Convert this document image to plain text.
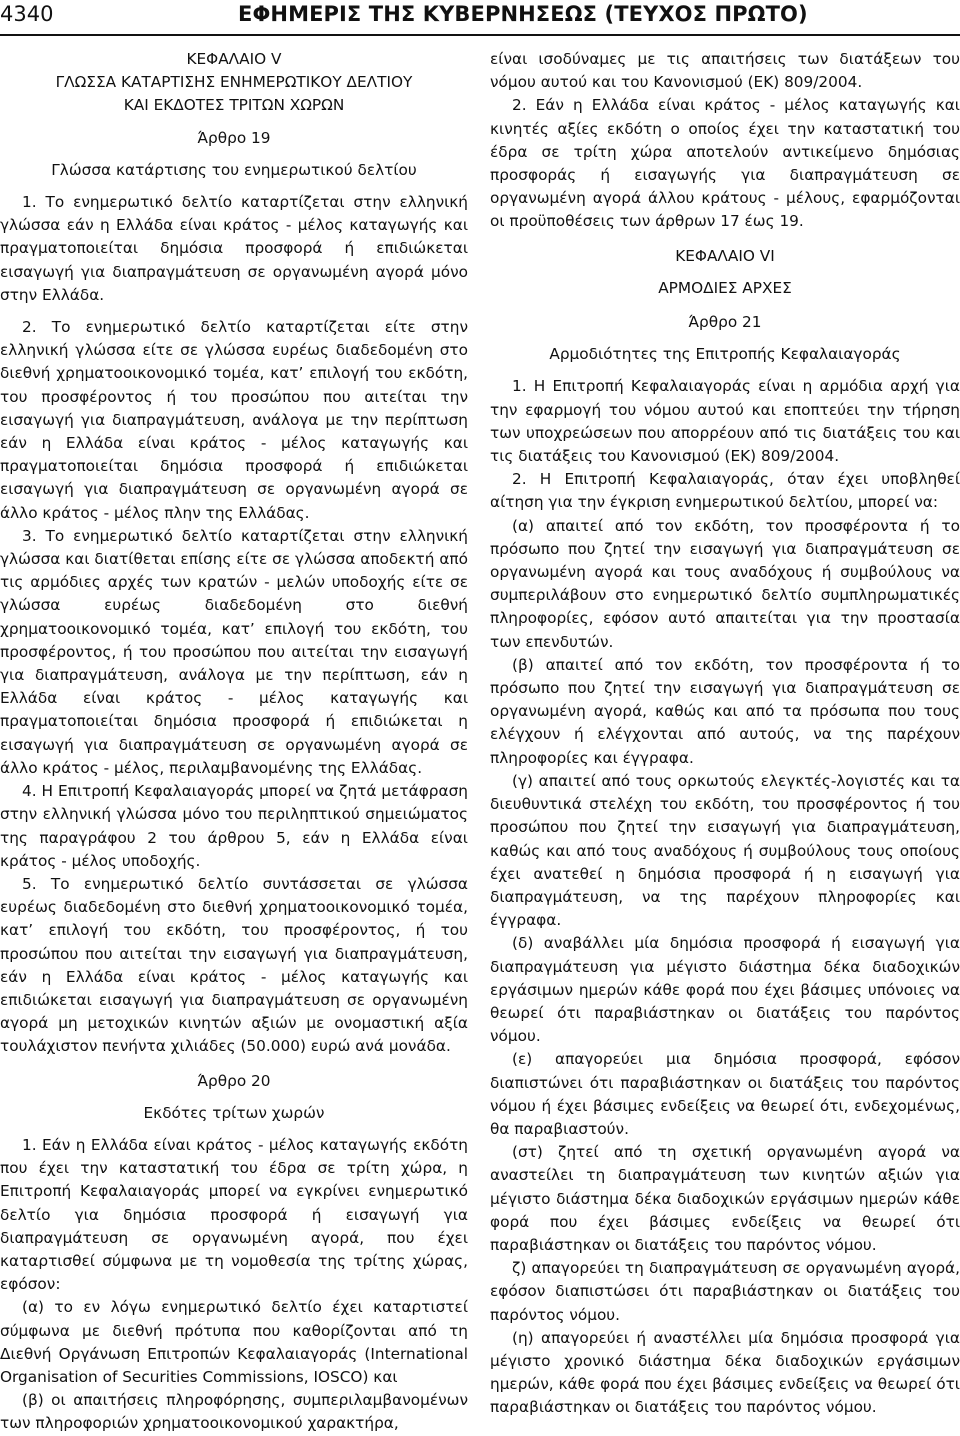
4340	ΕΦΗΜΕΡΙΣ ΤΗΣ ΚΥΒΕΡΝΗΣΕΩΣ (ΤΕΥΧΟΣ ΠΡΩΤΟ)

ΚΕΦΑΛΑΙΟ V

ΓΛΩΣΣΑ ΚΑΤΑΡΤΙΣΗΣ ΕΝΗΜΕΡΩΤΙΚΟΥ ΔΕΛΤΙΟΥ

ΚΑΙ ΕΚΔΟΤΕΣ ΤΡΙΤΩΝ ΧΩΡΩΝ

Άρθρο 19

Γλώσσα κατάρτισης του ενημερωτικού δελτίου

1. Το ενημερωτικό δελτίο καταρτίζεται στην ελληνική γλώσσα εάν η Ελλάδα είναι κράτος - μέλος καταγωγής και πραγματοποιείται δημόσια προσφορά ή επιδιώκεται εισαγωγή για διαπραγμάτευση σε οργανωμένη αγορά μόνο στην Ελλάδα.

2. Το ενημερωτικό δελτίο καταρτίζεται είτε στην ελληνική γλώσσα είτε σε γλώσσα ευρέως διαδεδομένη στο διεθνή χρηματοοικονομικό τομέα, κατ’ επιλογή του εκδότη, του προσφέροντος ή του προσώπου που αιτείται την εισαγωγή για διαπραγμάτευση, ανάλογα με την περίπτωση εάν η Ελλάδα είναι κράτος - μέλος καταγωγής και πραγματοποιείται δημόσια προσφορά ή επιδιώκεται εισαγωγή για διαπραγμάτευση σε οργανωμένη αγορά σε άλλο κράτος - μέλος πλην της Ελλάδας.

3. Το ενημερωτικό δελτίο καταρτίζεται στην ελληνική γλώσσα και διατίθεται επίσης είτε σε γλώσσα αποδεκτή από τις αρμόδιες αρχές των κρατών - μελών υποδοχής είτε σε γλώσσα ευρέως διαδεδομένη στο διεθνή χρηματοοικονομικό τομέα, κατ’ επιλογή του εκδότη, του προσφέροντος, ή του προσώπου που αιτείται την εισαγωγή για διαπραγμάτευση, ανάλογα με την περίπτωση, εάν η Ελλάδα είναι κράτος - μέλος καταγωγής και πραγματοποιείται δημόσια προσφορά ή επιδιώκεται η εισαγωγή για διαπραγμάτευση σε οργανωμένη αγορά σε άλλο κράτος - μέλος, περιλαμβανομένης της Ελλάδας.

4. Η Επιτροπή Κεφαλαιαγοράς μπορεί να ζητά μετάφραση στην ελληνική γλώσσα μόνο του περιληπτικού σημειώματος της παραγράφου 2 του άρθρου 5, εάν η Ελλάδα είναι κράτος - μέλος υποδοχής.

5. Το ενημερωτικό δελτίο συντάσσεται σε γλώσσα ευρέως διαδεδομένη στο διεθνή χρηματοοικονομικό τομέα, κατ’ επιλογή του εκδότη, του προσφέροντος, ή του προσώπου που αιτείται την εισαγωγή για διαπραγμάτευση, εάν η Ελλάδα είναι κράτος - μέλος καταγωγής και επιδιώκεται εισαγωγή για διαπραγμάτευση σε οργανωμένη αγορά μη μετοχικών κινητών αξιών με ονομαστική αξία τουλάχιστον πενήντα χιλιάδες (50.000) ευρώ ανά μονάδα.

Άρθρο 20

Εκδότες τρίτων χωρών

1. Εάν η Ελλάδα είναι κράτος - μέλος καταγωγής εκδότη που έχει την καταστατική του έδρα σε τρίτη χώρα, η Επιτροπή Κεφαλαιαγοράς μπορεί να εγκρίνει ενημερωτικό δελτίο για δημόσια προσφορά ή εισαγωγή για διαπραγμάτευση σε οργανωμένη αγορά, που έχει καταρτισθεί σύμφωνα με τη νομοθεσία της τρίτης χώρας, εφόσον:

(α) το εν λόγω ενημερωτικό δελτίο έχει καταρτιστεί σύμφωνα με διεθνή πρότυπα που καθορίζονται από τη Διεθνή Οργάνωση Επιτροπών Κεφαλαιαγοράς (International Organisation of Securities Commissions, IOSCO) και

(β) οι απαιτήσεις πληροφόρησης, συμπεριλαμβανομένων των πληροφοριών χρηματοοικονομικού χαρακτήρα,

είναι ισοδύναμες με τις απαιτήσεις των διατάξεων του νόμου αυτού και του Κανονισμού (ΕΚ) 809/2004.

2. Εάν η Ελλάδα είναι κράτος - μέλος καταγωγής και κινητές αξίες εκδότη ο οποίος έχει την καταστατική του έδρα σε τρίτη χώρα αποτελούν αντικείμενο δημόσιας προσφοράς ή εισαγωγής για διαπραγμάτευση σε οργανωμένη αγορά άλλου κράτους - μέλους, εφαρμόζονται οι προϋποθέσεις των άρθρων 17 έως 19.

ΚΕΦΑΛΑΙΟ VI

ΑΡΜΟΔΙΕΣ ΑΡΧΕΣ

Άρθρο 21

Αρμοδιότητες της Επιτροπής Κεφαλαιαγοράς

1. Η Επιτροπή Κεφαλαιαγοράς είναι η αρμόδια αρχή για την εφαρμογή του νόμου αυτού και εποπτεύει την τήρηση των υποχρεώσεων που απορρέουν από τις διατάξεις του και τις διατάξεις του Κανονισμού (ΕΚ) 809/2004.

2. Η Επιτροπή Κεφαλαιαγοράς, όταν έχει υποβληθεί αίτηση για την έγκριση ενημερωτικού δελτίου, μπορεί να:

(α) απαιτεί από τον εκδότη, τον προσφέροντα ή το πρόσωπο που ζητεί την εισαγωγή για διαπραγμάτευση σε οργανωμένη αγορά και τους αναδόχους ή συμβούλους να συμπεριλάβουν στο ενημερωτικό δελτίο συμπληρωματικές πληροφορίες, εφόσον αυτό απαιτείται για την προστασία των επενδυτών.

(β) απαιτεί από τον εκδότη, τον προσφέροντα ή το πρόσωπο που ζητεί την εισαγωγή για διαπραγμάτευση σε οργανωμένη αγορά, καθώς και από τα πρόσωπα που τους ελέγχουν ή ελέγχονται από αυτούς, να της παρέχουν πληροφορίες και έγγραφα.

(γ) απαιτεί από τους ορκωτούς ελεγκτές-λογιστές και τα διευθυντικά στελέχη του εκδότη, του προσφέροντος ή του προσώπου που ζητεί την εισαγωγή για διαπραγμάτευση, καθώς και από τους αναδόχους ή συμβούλους τους οποίους έχει ανατεθεί η δημόσια προσφορά ή η εισαγωγή για διαπραγμάτευση, να της παρέχουν πληροφορίες και έγγραφα.

(δ) αναβάλλει μία δημόσια προσφορά ή εισαγωγή για διαπραγμάτευση για μέγιστο διάστημα δέκα διαδοχικών εργάσιμων ημερών κάθε φορά που έχει βάσιμες υπόνοιες να θεωρεί ότι παραβιάστηκαν οι διατάξεις του παρόντος νόμου.

(ε) απαγορεύει μια δημόσια προσφορά, εφόσον διαπιστώνει ότι παραβιάστηκαν οι διατάξεις του παρόντος νόμου ή έχει βάσιμες ενδείξεις να θεωρεί ότι, ενδεχομένως, θα παραβιαστούν.

(στ) ζητεί από τη σχετική οργανωμένη αγορά να αναστείλει τη διαπραγμάτευση των κινητών αξιών για μέγιστο διάστημα δέκα διαδοχικών εργάσιμων ημερών κάθε φορά που έχει βάσιμες ενδείξεις να θεωρεί ότι παραβιάστηκαν οι διατάξεις του παρόντος νόμου.

ζ) απαγορεύει τη διαπραγμάτευση σε οργανωμένη αγορά, εφόσον διαπιστώσει ότι παραβιάστηκαν οι διατάξεις του παρόντος νόμου.

(η) απαγορεύει ή αναστέλλει μία δημόσια προσφορά για μέγιστο χρονικό διάστημα δέκα διαδοχικών εργάσιμων ημερών, κάθε φορά που έχει βάσιμες ενδείξεις να θεωρεί ότι παραβιάστηκαν οι διατάξεις του παρόντος νόμου.
